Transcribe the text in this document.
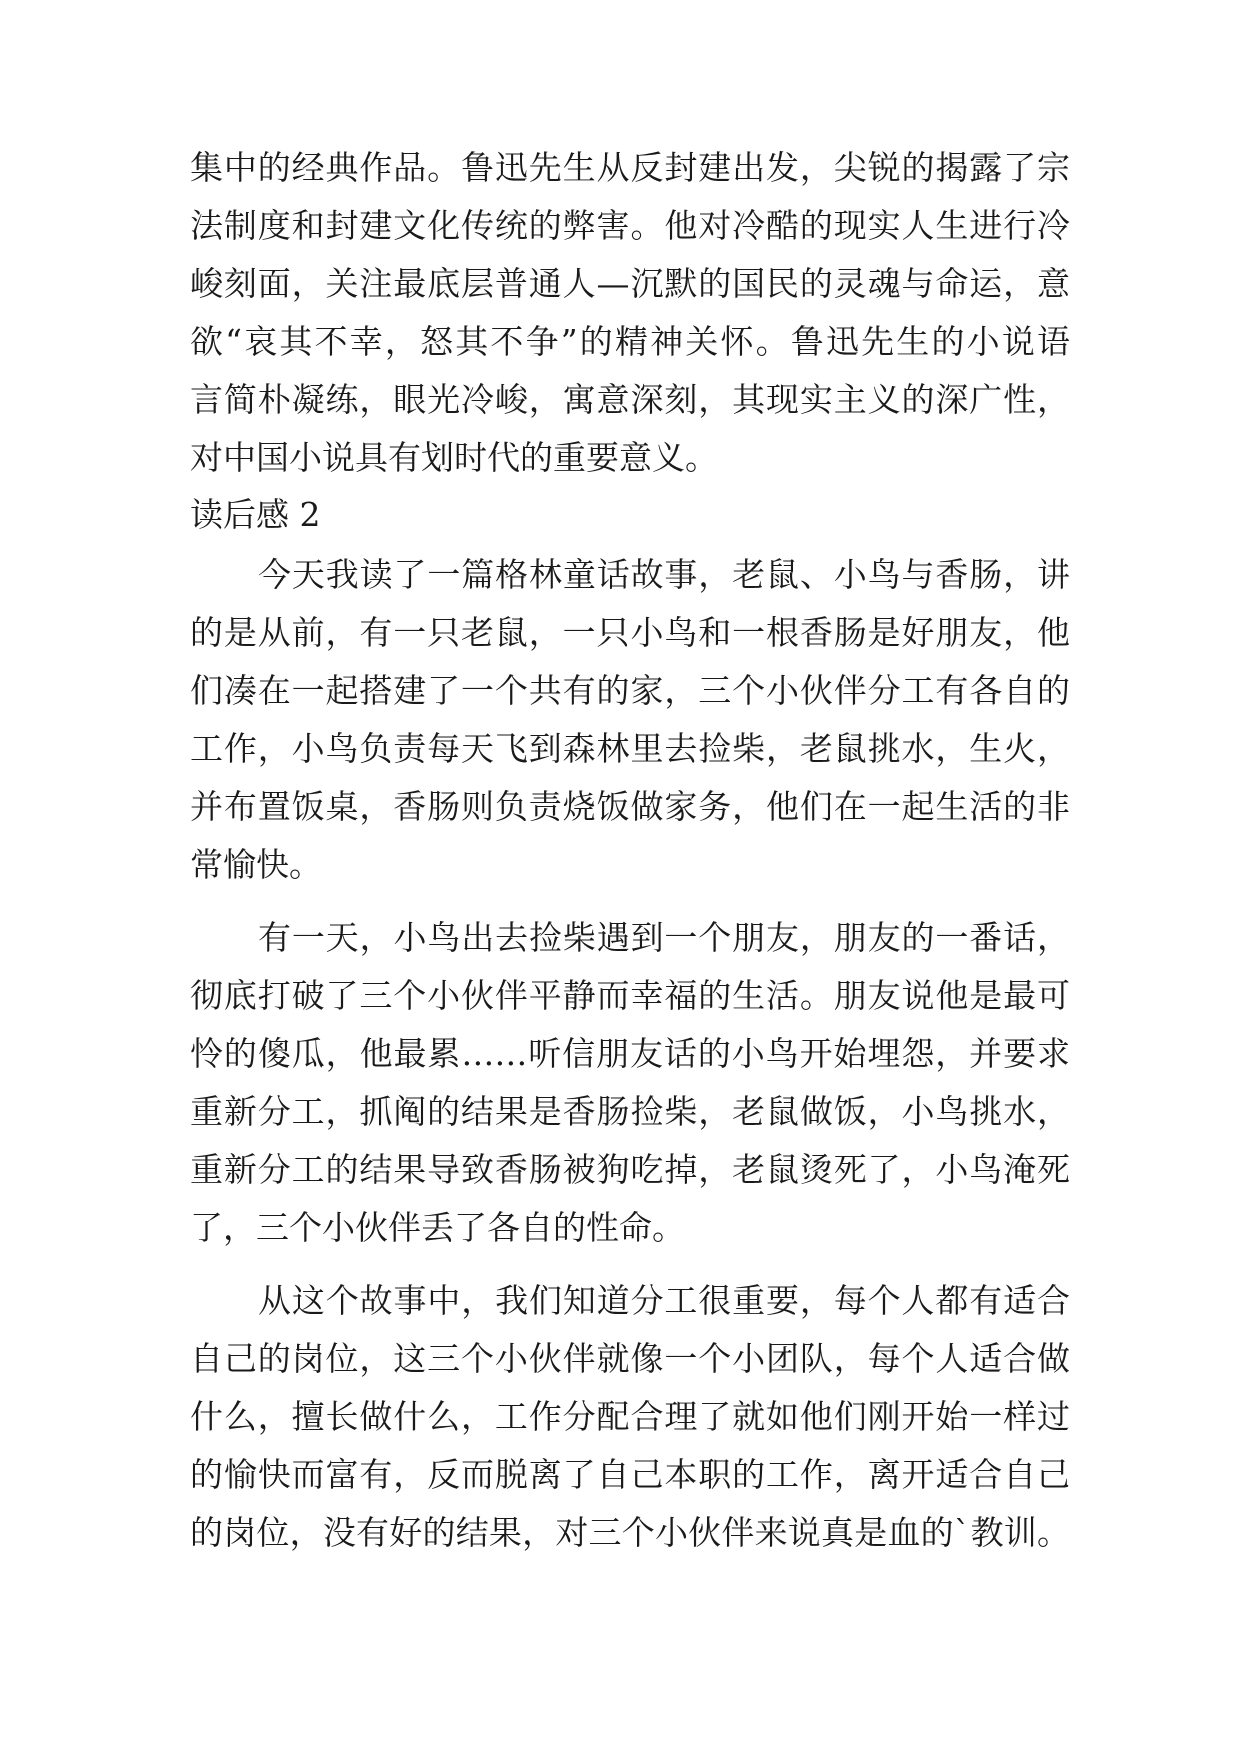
集中的经典作品。鲁迅先生从反封建出发，尖锐的揭露了宗
法制度和封建文化传统的弊害。他对冷酷的现实人生进行冷
峻刻面，关注最底层普通人—沉默的国民的灵魂与命运，意
欲“哀其不幸，怒其不争”的精神关怀。鲁迅先生的小说语
言简朴凝练，眼光冷峻，寓意深刻，其现实主义的深广性，
对中国小说具有划时代的重要意义。
读后感 2
今天我读了一篇格林童话故事，老鼠、小鸟与香肠，讲
的是从前，有一只老鼠，一只小鸟和一根香肠是好朋友，他
们凑在一起搭建了一个共有的家，三个小伙伴分工有各自的
工作，小鸟负责每天飞到森林里去捡柴，老鼠挑水，生火，
并布置饭桌，香肠则负责烧饭做家务，他们在一起生活的非
常愉快。
有一天，小鸟出去捡柴遇到一个朋友，朋友的一番话，
彻底打破了三个小伙伴平静而幸福的生活。朋友说他是最可
怜的傻瓜，他最累……听信朋友话的小鸟开始埋怨，并要求
重新分工，抓阄的结果是香肠捡柴，老鼠做饭，小鸟挑水，
重新分工的结果导致香肠被狗吃掉，老鼠烫死了，小鸟淹死
了，三个小伙伴丢了各自的性命。
从这个故事中，我们知道分工很重要，每个人都有适合
自己的岗位，这三个小伙伴就像一个小团队，每个人适合做
什么，擅长做什么，工作分配合理了就如他们刚开始一样过
的愉快而富有，反而脱离了自己本职的工作，离开适合自己
的岗位，没有好的结果，对三个小伙伴来说真是血的`教训。
